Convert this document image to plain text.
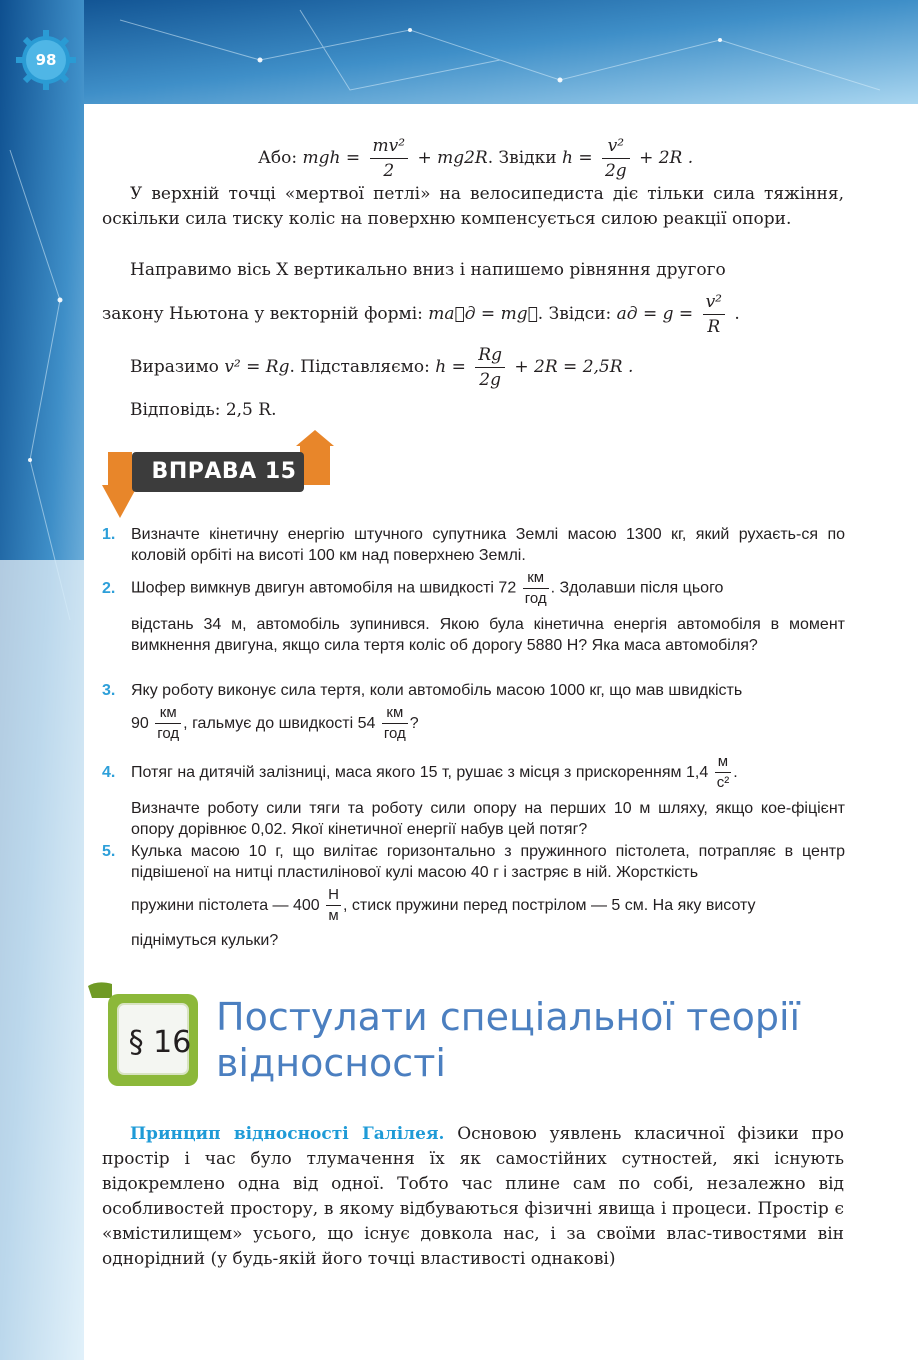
98
Або: mgh = $\frac{\text{mv²}}{2} + mg2R$. Звідки $h = \frac{\text{v²}}{2g} + 2R$ .
У верхній точці «мертвої петлі» на велосипедиста діє тільки сила тяжіння, оскільки сила тиску коліс на поверхню компенсується силою реакції опори.
Направимо вісь X вертикально вниз і напишемо рівняння другого
закону Ньютона у векторній формі: ma⃗д = mg⃗. Звідси: aд = $g = \frac{\text{v²}}{R}$ .
Виразимо v² = Rg. Підставляємо: $h = \frac{Rg}{2g} + 2R = 2,5R$ .
Відповідь: 2,5 R.
ВПРАВА 15
1. Визначте кінетичну енергію штучного супутника Землі масою 1300 кг, який рухаєть-ся по коловій орбіті на висоті 100 км над поверхнею Землі.
2. Шофер вимкнув двигун автомобіля на швидкості $72 \frac{км}{\text{год}}$ . Здолавши після цього
відстань 34 м, автомобіль зупинився. Якою була кінетична енергія автомобіля в момент вимкнення двигуна, якщо сила тертя коліс об дорогу 5880 Н? Яка маса автомобіля?
3. Яку роботу виконує сила тертя, коли автомобіль масою 1000 кг, що мав швидкість
$90 \frac{км}{\text{год}}$ , гальмує до швидкості $54 \frac{км}{\text{год}}$ ?
4. Потяг на дитячій залізниці, маса якого 15 т, рушає з місця з прискоренням $1,4 \frac{м}{\text{с²}}$ .
Визначте роботу сили тяги та роботу сили опору на перших 10 м шляху, якщо кое-фіцієнт опору дорівнює 0,02. Якої кінетичної енергії набув цей потяг?
5. Кулька масою 10 г, що вилітає горизонтально з пружинного пістолета, потрапляє в центр підвішеної на нитці пластилінової кулі масою 40 г і застряє в ній. Жорсткість
пружини пістолета — $400 \frac{Н}{м}$ , стиск пружини перед пострілом — 5 см. На яку висоту
піднімуться кульки?
§ 16
Постулати спеціальної теорії
відносності
Принцип відносності Галілея. Основою уявлень класичної фізики про простір і час було тлумачення їх як самостійних сутностей, які існують відокремлено одна від одної. Тобто час плине сам по собі, незалежно від особливостей простору, в якому відбуваються фізичні явища і процеси. Простір є «вмістилищем» усього, що існує довкола нас, і за своїми влас-тивостями він однорідний (у будь-якій його точці властивості однакові)
